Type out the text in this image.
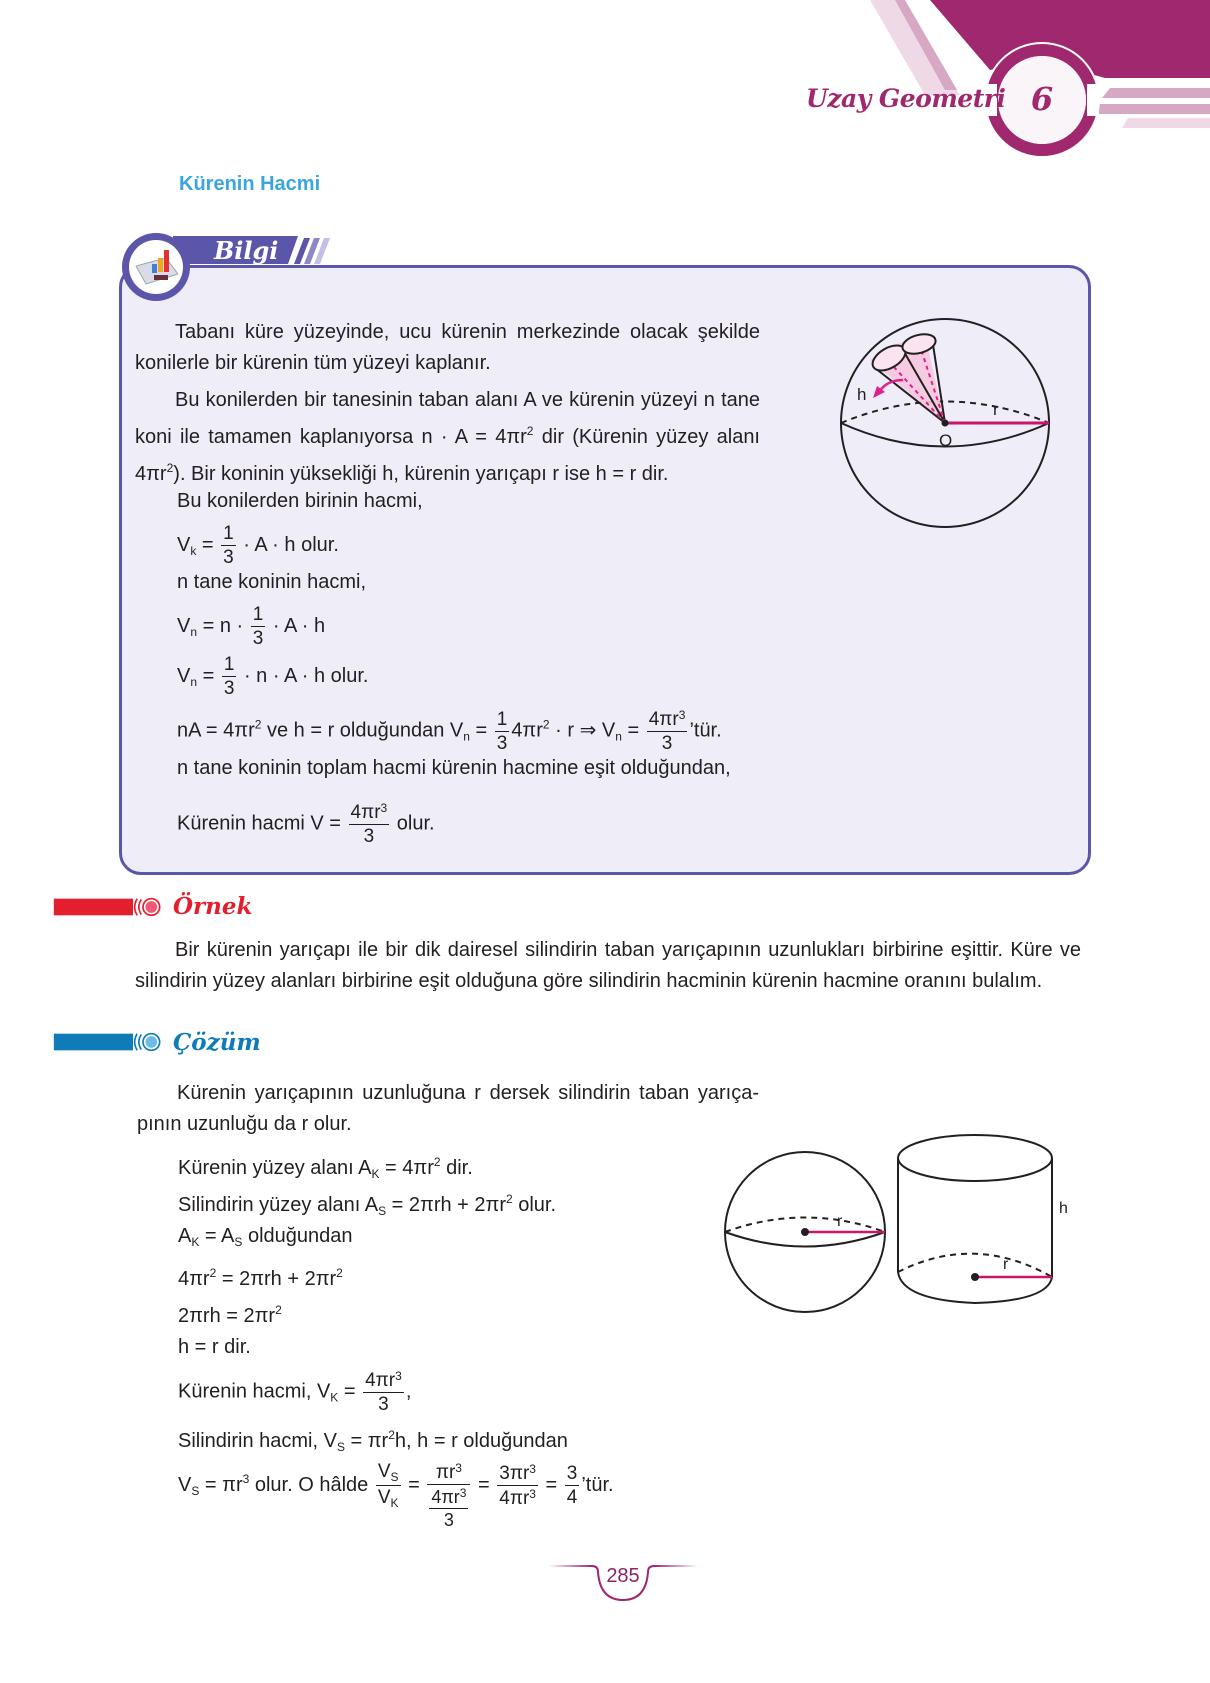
Uzay Geometri 6
Kürenin Hacmi
Bilgi
Tabanı küre yüzeyinde, ucu kürenin merkezinde olacak şekilde konilerle bir kürenin tüm yüzeyi kaplanır.
Bu konilerden bir tanesinin taban alanı A ve kürenin yüzeyi n tane koni ile tamamen kaplanıyorsa $n \cdot A = 4\pi r^2$ dir (Kürenin yüzey alanı $4\pi r^2$). Bir koninin yüksekliği h, kürenin yarıçapı r ise h = r dir.
Bu konilerden birinin hacmi,
$V_k = \frac{1}{3} \cdot A \cdot h$ olur.
n tane koninin hacmi,
$V_n = n \cdot \frac{1}{3} \cdot A \cdot h$
$V_n = \frac{1}{3} \cdot n \cdot A \cdot h$ olur.
nA = $4\pi r^2$ ve h = r olduğundan $V_n = \frac{1}{3} 4\pi r^2 \cdot r$ ⇒ $V_n = \frac{4\pi r^3}{3}$ ’tür.
n tane koninin toplam hacmi kürenin hacmine eşit olduğundan,
Kürenin hacmi $V = \frac{4\pi r^3}{3}$ olur.
h
r
O
Örnek
Bir kürenin yarıçapı ile bir dik dairesel silindirin taban yarıçapının uzunlukları birbirine eşittir. Küre ve silindirin yüzey alanları birbirine eşit olduğuna göre silindirin hacminin kürenin hacmine oranını bulalım.
Çözüm
Kürenin yarıçapının uzunluğuna r dersek silindirin taban yarıça- pının uzunluğu da r olur.
Kürenin yüzey alanı $A_K = 4\pi r^2$ dir.
Silindirin yüzey alanı $A_S = 2\pi rh + 2\pi r^2$ olur.
$A_K = A_S$ olduğundan
$4\pi r^2 = 2\pi rh + 2\pi r^2$
$2\pi rh = 2\pi r^2$
h = r dir.
Kürenin hacmi, $V_K = \frac{4\pi r^3}{3}$ ,
Silindirin hacmi, $V_S = \pi r^2h$, h = r olduğundan
$V_S = \pi r^3$ olur. O hâlde $\frac{V_S}{V_K} = \frac{\pi r^3}{\frac{4\pi r^3}{3}} = \frac{3\pi r^3}{4\pi r^3} = \frac{3}{4}$ ’tür.
r
r
h
285
